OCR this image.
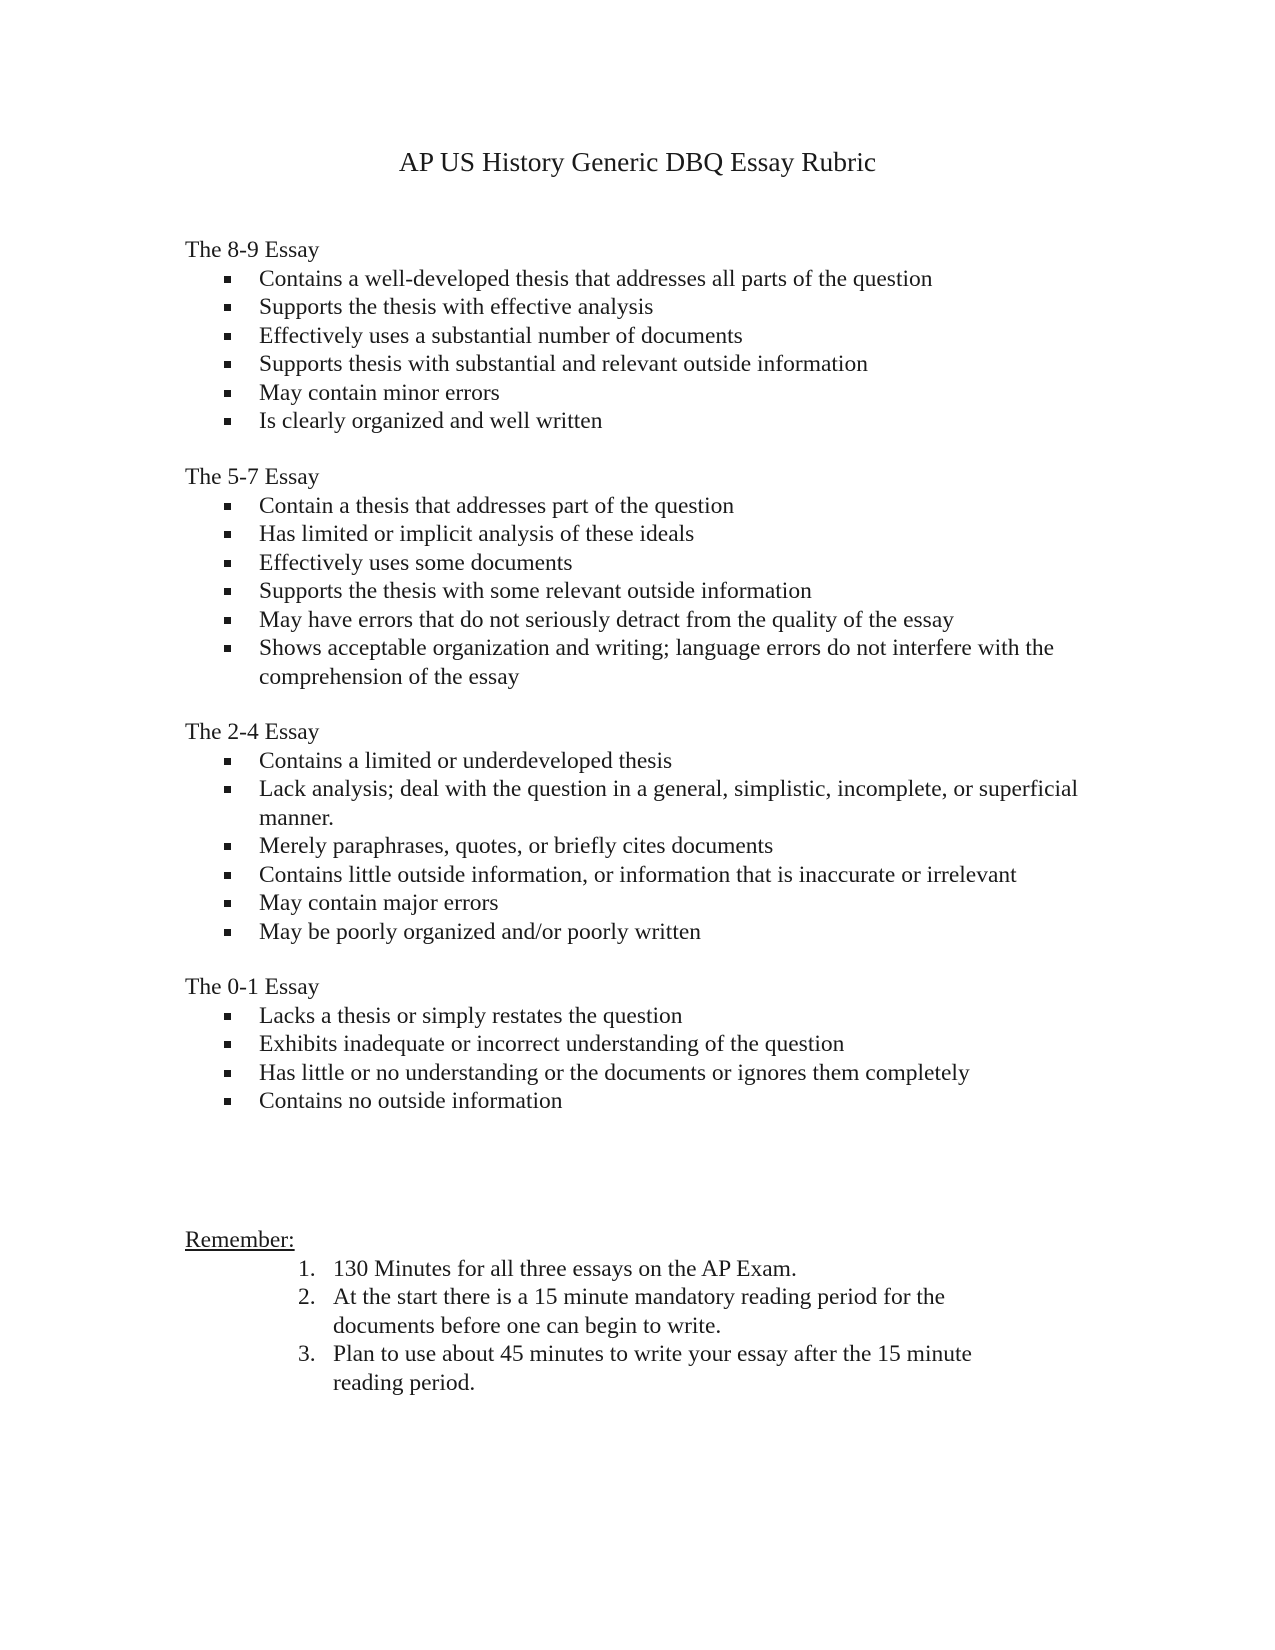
AP US History Generic DBQ Essay Rubric

The 8-9 Essay

Contains a well-developed thesis that addresses all parts of the question
Supports the thesis with effective analysis
Effectively uses a substantial number of documents
Supports thesis with substantial and relevant outside information
May contain minor errors
Is clearly organized and well written

The 5-7 Essay

Contain a thesis that addresses part of the question
Has limited or implicit analysis of these ideals
Effectively uses some documents
Supports the thesis with some relevant outside information
May have errors that do not seriously detract from the quality of the essay
Shows acceptable organization and writing; language errors do not interfere with the comprehension of the essay

The 2-4 Essay

Contains a limited or underdeveloped thesis
Lack analysis; deal with the question in a general, simplistic, incomplete, or superficial manner.
Merely paraphrases, quotes, or briefly cites documents
Contains little outside information, or information that is inaccurate or irrelevant
May contain major errors
May be poorly organized and/or poorly written

The 0-1 Essay

Lacks a thesis or simply restates the question
Exhibits inadequate or incorrect understanding of the question
Has little or no understanding or the documents or ignores them completely
Contains no outside information

Remember:

1. 130 Minutes for all three essays on the AP Exam.
2. At the start there is a 15 minute mandatory reading period for the documents before one can begin to write.
3. Plan to use about 45 minutes to write your essay after the 15 minute reading period.
